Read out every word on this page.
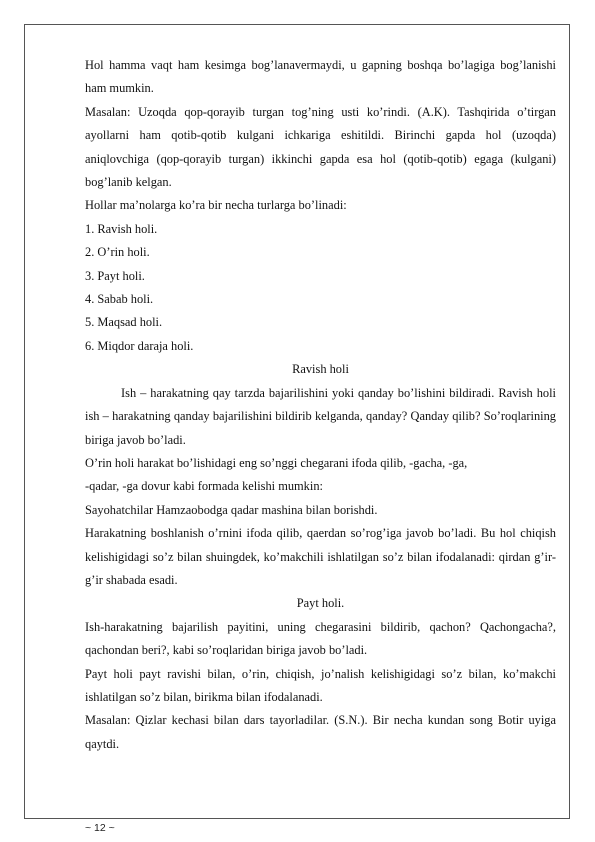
Hol hamma vaqt ham kesimga bog’lanavermaydi, u gapning boshqa bo’lagiga bog’lanishi ham mumkin.

Masalan: Uzoqda qop-qorayib turgan tog’ning usti ko’rindi. (A.K). Tashqirida o’tirgan ayollarni ham qotib-qotib kulgani ichkariga eshitildi. Birinchi gapda hol (uzoqda) aniqlovchiga (qop-qorayib turgan) ikkinchi gapda esa hol (qotib-qotib) egaga (kulgani) bog’lanib kelgan.

Hollar ma’nolarga ko’ra bir necha turlarga bo’linadi:

1. Ravish holi.

2. O’rin holi.

3. Payt holi.

4. Sabab holi.

5. Maqsad holi.

6. Miqdor daraja holi.

Ravish holi

Ish – harakatning qay tarzda bajarilishini yoki qanday bo’lishini bildiradi. Ravish holi ish – harakatning qanday bajarilishini bildirib kelganda, qanday? Qanday qilib? So’roqlarining biriga javob bo’ladi.

O’rin holi harakat bo’lishidagi eng so’nggi chegarani ifoda qilib, -gacha, -ga,

-qadar, -ga dovur kabi formada kelishi mumkin:

Sayohatchilar Hamzaobodga qadar mashina bilan borishdi.

Harakatning boshlanish o’rnini ifoda qilib, qaerdan so’rog’iga javob bo’ladi. Bu hol chiqish kelishigidagi so’z bilan shuingdek, ko’makchili ishlatilgan so’z bilan ifodalanadi: qirdan g’ir- g’ir shabada esadi.

Payt holi.

Ish-harakatning bajarilish payitini, uning chegarasini bildirib, qachon? Qachongacha?, qachondan beri?, kabi so’roqlaridan biriga javob bo’ladi.

Payt holi payt ravishi bilan, o’rin, chiqish, jo’nalish kelishigidagi so’z bilan, ko’makchi ishlatilgan so’z bilan, birikma bilan ifodalanadi.

Masalan: Qizlar kechasi bilan dars tayorladilar. (S.N.). Bir necha kundan song Botir uyiga qaytdi.

~ 12 ~
